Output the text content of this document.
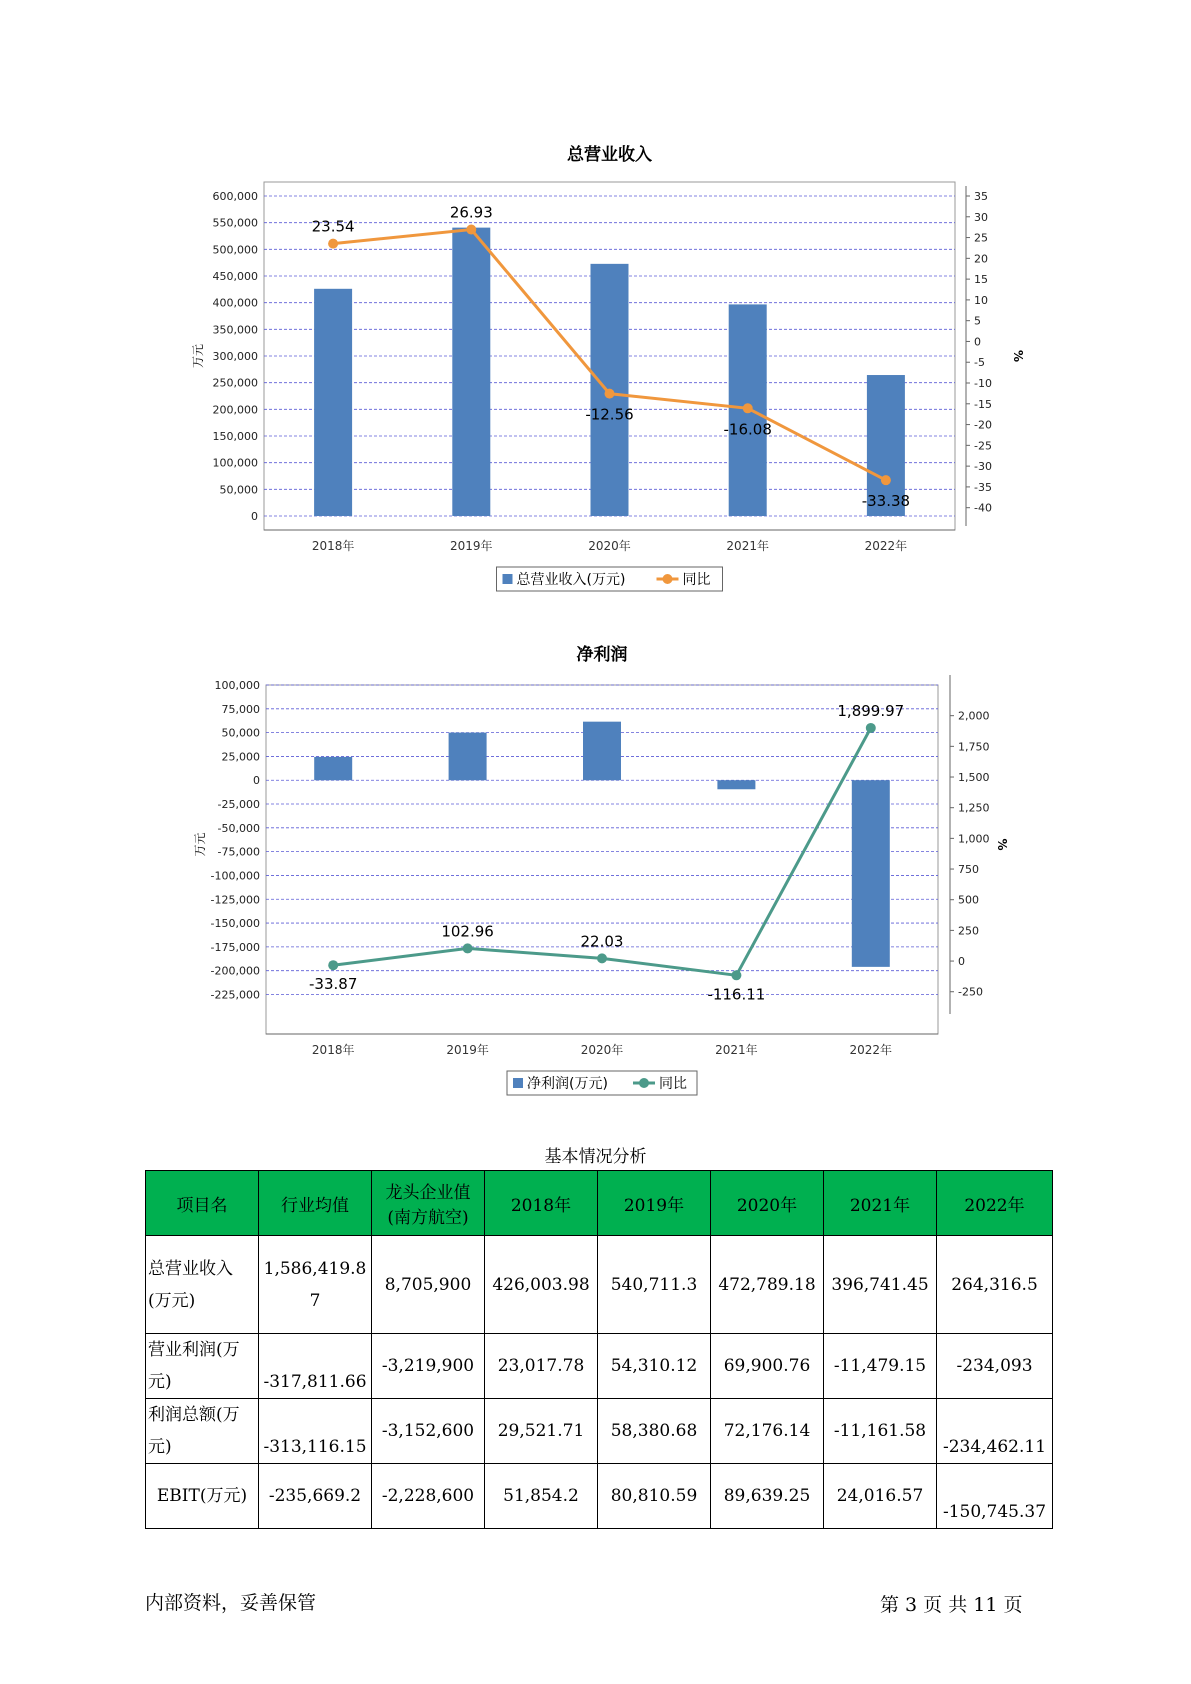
总营业收入
0
50,000
100,000
150,000
200,000
250,000
300,000
350,000
400,000
450,000
500,000
550,000
600,000
-40
-35
-30
-25
-20
-15
-10
-5
0
5
10
15
20
25
30
35
万元	%
2018年	2019年	2020年	2021年	2022年
23.54
26.93
-12.56
-16.08
-33.38
总营业收入(万元)	同比
净利润
-225,000
-200,000
-175,000
-150,000
-125,000
-100,000
-75,000
-50,000
-25,000
0
25,000
50,000
75,000
100,000
-250
0
250
500
750
1,000
1,250
1,500
1,750
2,000
万元	%
2018年	2019年	2020年	2021年	2022年
-33.87
102.96
22.03
-116.11
1,899.97
净利润(万元)	同比
基本情况分析
项目名	行业均值	龙头企业值(南方航空)	2018年	2019年	2020年	2021年	2022年
总营业收入(万元)	1,586,419.87	8,705,900	426,003.98	540,711.3	472,789.18	396,741.45	264,316.5
营业利润(万元)	-317,811.66	-3,219,900	23,017.78	54,310.12	69,900.76	-11,479.15	-234,093
利润总额(万元)	-313,116.15	-3,152,600	29,521.71	58,380.68	72,176.14	-11,161.58	-234,462.11
EBIT(万元)	-235,669.2	-2,228,600	51,854.2	80,810.59	89,639.25	24,016.57	-150,745.37
内部资料，妥善保管	第 3 页 共 11 页
